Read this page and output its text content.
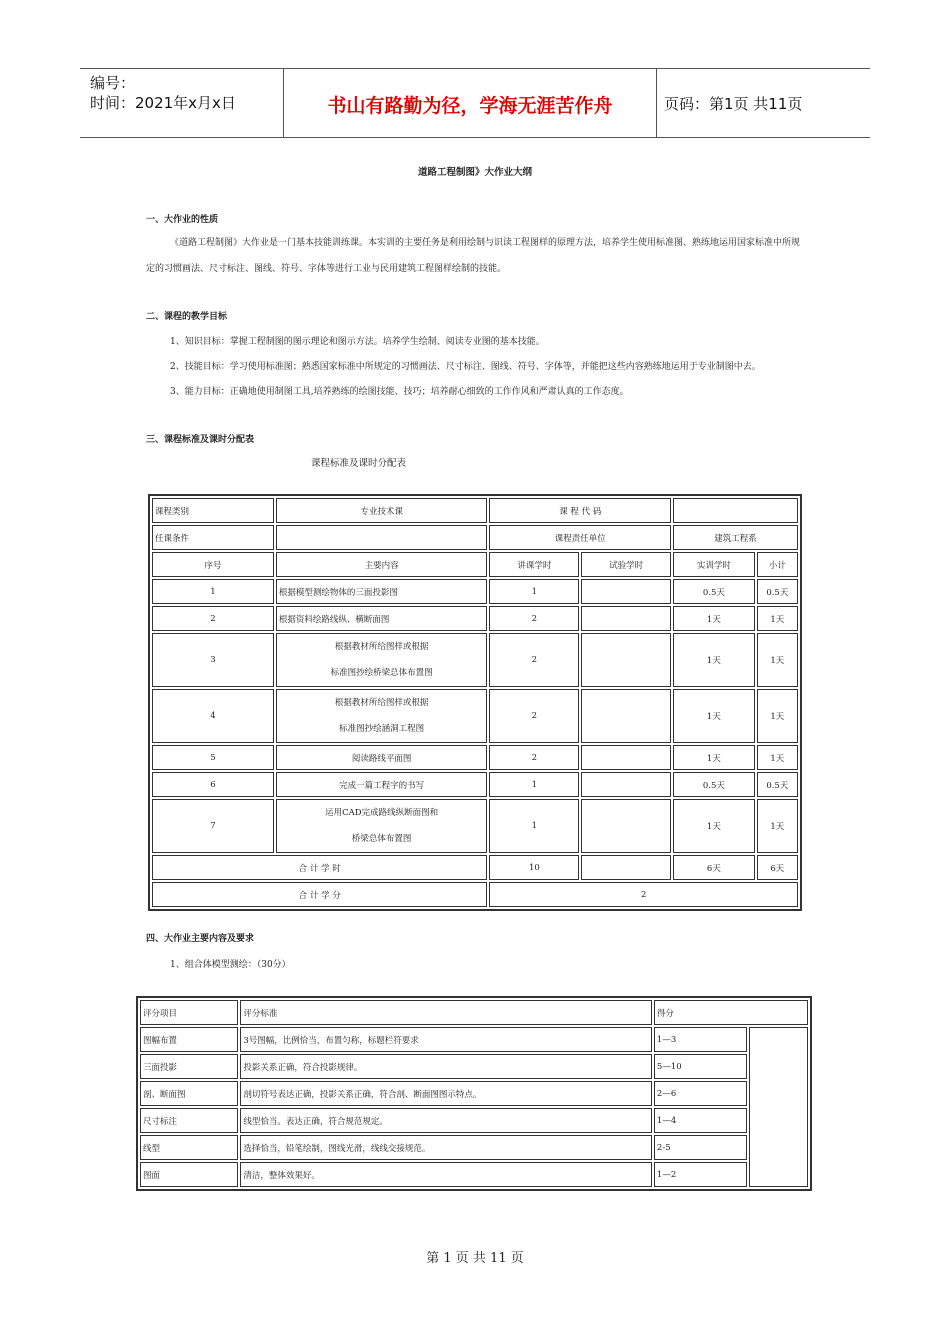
编号：
时间：2021年x月x日	书山有路勤为径，学海无涯苦作舟	页码：第1页 共11页
道路工程制图》大作业大纲
一、大作业的性质
《道路工程制图》大作业是一门基本技能训练课。本实训的主要任务是利用绘制与识读工程图样的原理方法，培养学生使用标准图、熟练地运用国家标准中所规定的习惯画法、尺寸标注、图线、符号、字体等进行工业与民用建筑工程图样绘制的技能。
二、课程的教学目标
1、知识目标：掌握工程制图的图示理论和图示方法。培养学生绘制、阅读专业图的基本技能。
2、技能目标：学习使用标准图；熟悉国家标准中所规定的习惯画法、尺寸标注、图线、符号、字体等，并能把这些内容熟练地运用于专业制图中去。
3、能力目标：正确地使用制图工具,培养熟练的绘图技能、技巧；培养耐心细致的工作作风和严肃认真的工作态度。
三、课程标准及课时分配表
课程标准及课时分配表
课程类别	专业技术课	课 程 代 码			
任课条件		课程责任单位		建筑工程系	
序号	主要内容	讲课学时	试验学时	实训学时	小计
1	根据模型测绘物体的三面投影图	1		0.5天	0.5天
2	根据资料绘路线纵、横断面图	2		1天	1天
3	根据教材所给图样或根据
标准图抄绘桥梁总体布置图	2		1天	1天
4	根据教材所给图样或根据
标准图抄绘涵洞工程图	2		1天	1天
5	阅读路线平面图	2		1天	1天
6	完成一篇工程字的书写	1		0.5天	0.5天
7	运用CAD完成路线纵断面图和
桥梁总体布置图	1		1天	1天
合 计 学 时		10		6天	6天
合 计 学 分		2			
四、大作业主要内容及要求
1、组合体模型测绘：（30分）
评分项目	评分标准	得分	
图幅布置	3号图幅，比例恰当，布置匀称，标题栏符要求	1—3	
三面投影	投影关系正确，符合投影规律。	5—10	
剖、断面图	剖切符号表达正确，投影关系正确，符合剖、断面图图示特点。	2—6	
尺寸标注	线型恰当。表达正确，符合规范规定。	1—4	
线型	选择恰当，铅笔绘制，图线光滑，线线交接规范。	2-5	
图面	清洁，整体效果好。	1—2	
第 1 页 共 11 页
